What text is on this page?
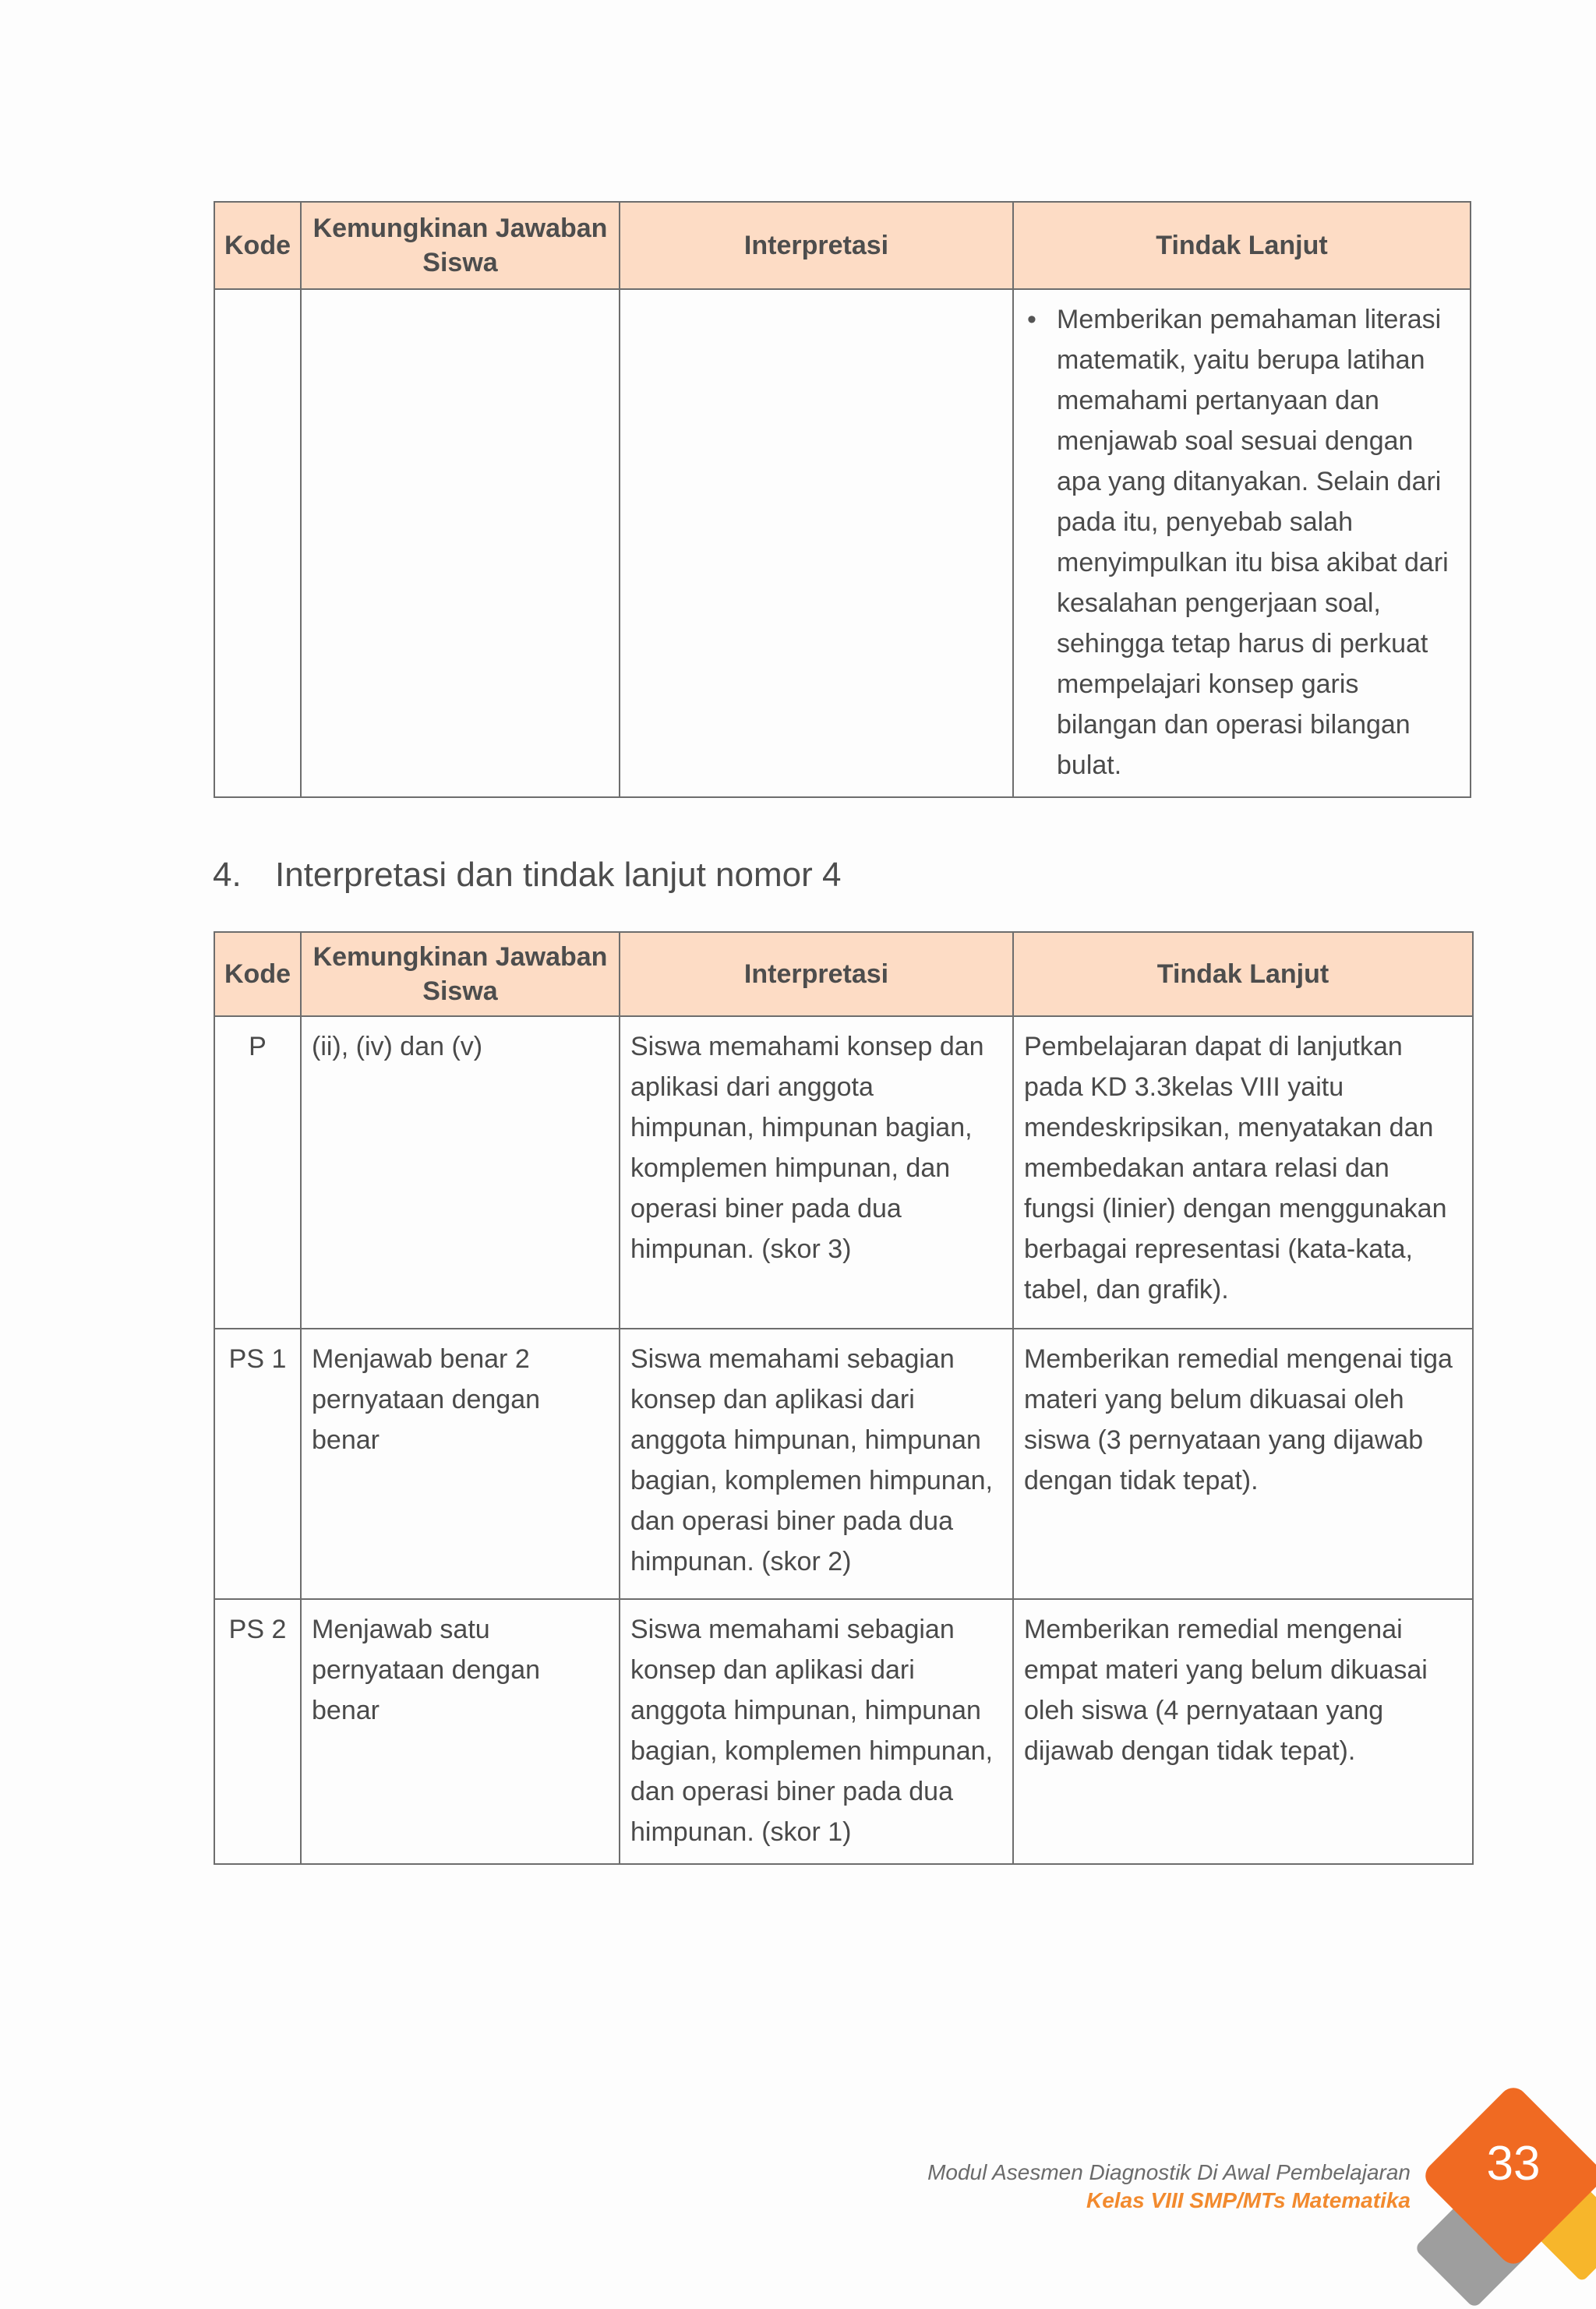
Kode	Kemungkinan Jawaban Siswa	Interpretasi	Tindak Lanjut

			• Memberikan pemahaman literasi matematik, yaitu berupa latihan memahami pertanyaan dan menjawab soal sesuai dengan apa yang ditanyakan. Selain dari pada itu, penyebab salah menyimpulkan itu bisa akibat dari kesalahan pengerjaan soal, sehingga tetap harus di perkuat mempelajari konsep garis bilangan dan operasi bilangan bulat.
4. Interpretasi dan tindak lanjut nomor 4
Kode	Kemungkinan Jawaban Siswa	Interpretasi	Tindak Lanjut
P	(ii), (iv) dan (v)	Siswa memahami konsep dan aplikasi dari anggota himpunan, himpunan bagian, komplemen himpunan, dan operasi biner pada dua himpunan. (skor 3)	Pembelajaran dapat di lanjutkan pada KD 3.3kelas VIII yaitu mendeskripsikan, menyatakan dan membedakan antara relasi dan fungsi (linier) dengan menggunakan berbagai representasi (kata-kata, tabel, dan grafik).
PS 1	Menjawab benar 2 pernyataan dengan benar	Siswa memahami sebagian konsep dan aplikasi dari anggota himpunan, himpunan bagian, komplemen himpunan, dan operasi biner pada dua himpunan. (skor 2)	Memberikan remedial mengenai tiga materi yang belum dikuasai oleh siswa (3 pernyataan yang dijawab dengan tidak tepat).
PS 2	Menjawab satu pernyataan dengan benar	Siswa memahami sebagian konsep dan aplikasi dari anggota himpunan, himpunan bagian, komplemen himpunan, dan operasi biner pada dua himpunan. (skor 1)	Memberikan remedial mengenai empat materi yang belum dikuasai oleh siswa (4 pernyataan yang dijawab dengan tidak tepat).
Modul Asesmen Diagnostik Di Awal Pembelajaran
Kelas VIII SMP/MTs Matematika
33
